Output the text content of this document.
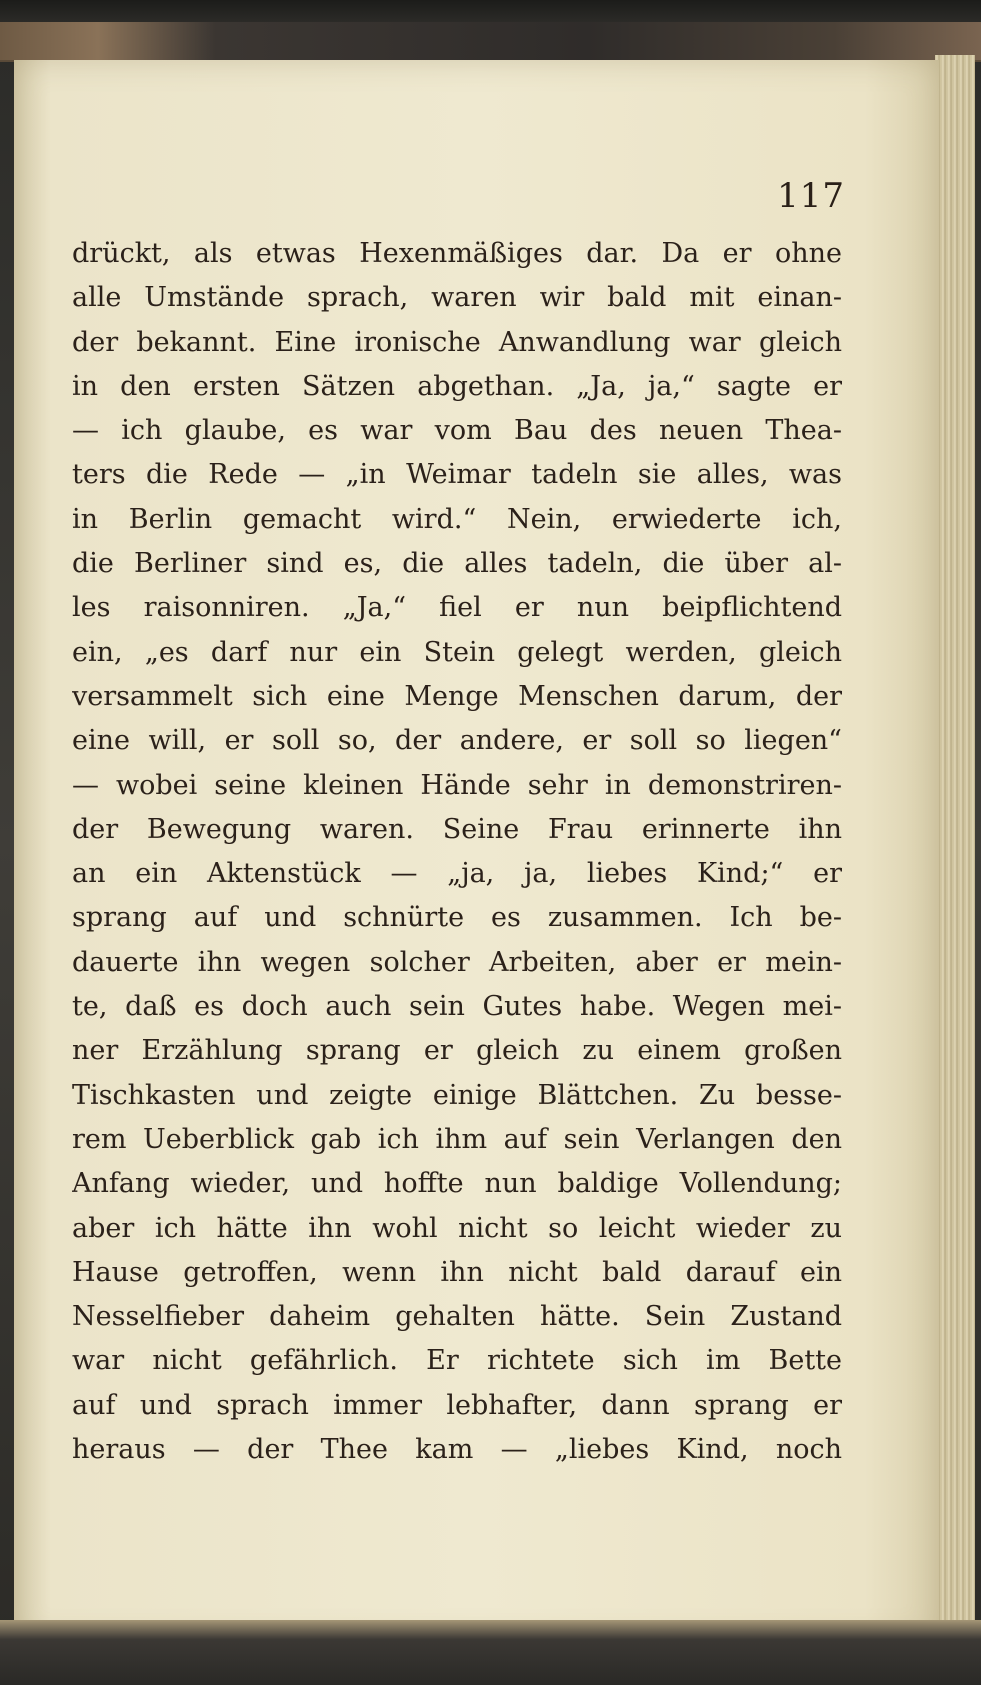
117
drückt, als etwas Hexenmäßiges dar. Da er ohne
alle Umstände sprach, waren wir bald mit einan-
der bekannt. Eine ironische Anwandlung war gleich
in den ersten Sätzen abgethan. „Ja, ja,“ sagte er
— ich glaube, es war vom Bau des neuen Thea-
ters die Rede — „in Weimar tadeln sie alles, was
in Berlin gemacht wird.“ Nein, erwiederte ich,
die Berliner sind es, die alles tadeln, die über al-
les raisonniren. „Ja,“ fiel er nun beipflichtend
ein, „es darf nur ein Stein gelegt werden, gleich
versammelt sich eine Menge Menschen darum, der
eine will, er soll so, der andere, er soll so liegen“
— wobei seine kleinen Hände sehr in demonstriren-
der Bewegung waren. Seine Frau erinnerte ihn
an ein Aktenstück — „ja, ja, liebes Kind;“ er
sprang auf und schnürte es zusammen. Ich be-
dauerte ihn wegen solcher Arbeiten, aber er mein-
te, daß es doch auch sein Gutes habe. Wegen mei-
ner Erzählung sprang er gleich zu einem großen
Tischkasten und zeigte einige Blättchen. Zu besse-
rem Ueberblick gab ich ihm auf sein Verlangen den
Anfang wieder, und hoffte nun baldige Vollendung;
aber ich hätte ihn wohl nicht so leicht wieder zu
Hause getroffen, wenn ihn nicht bald darauf ein
Nesselfieber daheim gehalten hätte. Sein Zustand
war nicht gefährlich. Er richtete sich im Bette
auf und sprach immer lebhafter, dann sprang er
heraus — der Thee kam — „liebes Kind, noch
